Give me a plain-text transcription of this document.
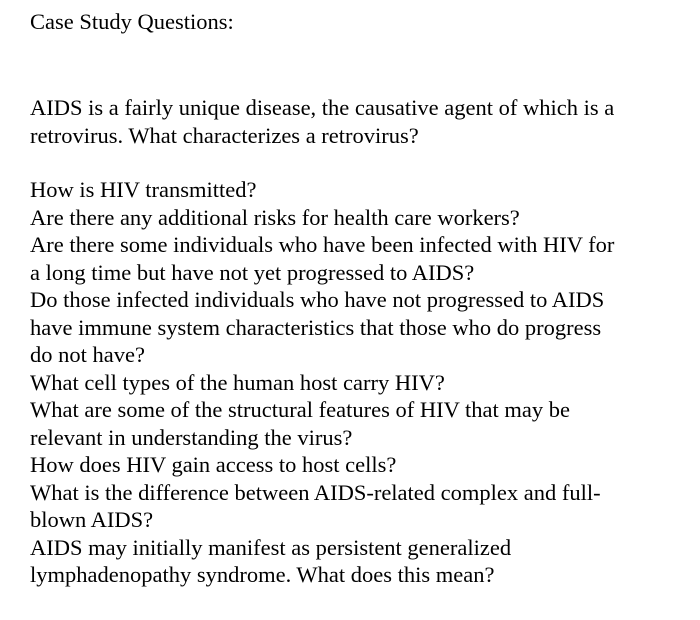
Case Study Questions:

AIDS is a fairly unique disease, the causative agent of which is a
retrovirus. What characterizes a retrovirus?

How is HIV transmitted?
Are there any additional risks for health care workers?
Are there some individuals who have been infected with HIV for
a long time but have not yet progressed to AIDS?
Do those infected individuals who have not progressed to AIDS
have immune system characteristics that those who do progress
do not have?
What cell types of the human host carry HIV?
What are some of the structural features of HIV that may be
relevant in understanding the virus?
How does HIV gain access to host cells?
What is the difference between AIDS-related complex and full-
blown AIDS?
AIDS may initially manifest as persistent generalized
lymphadenopathy syndrome. What does this mean?
